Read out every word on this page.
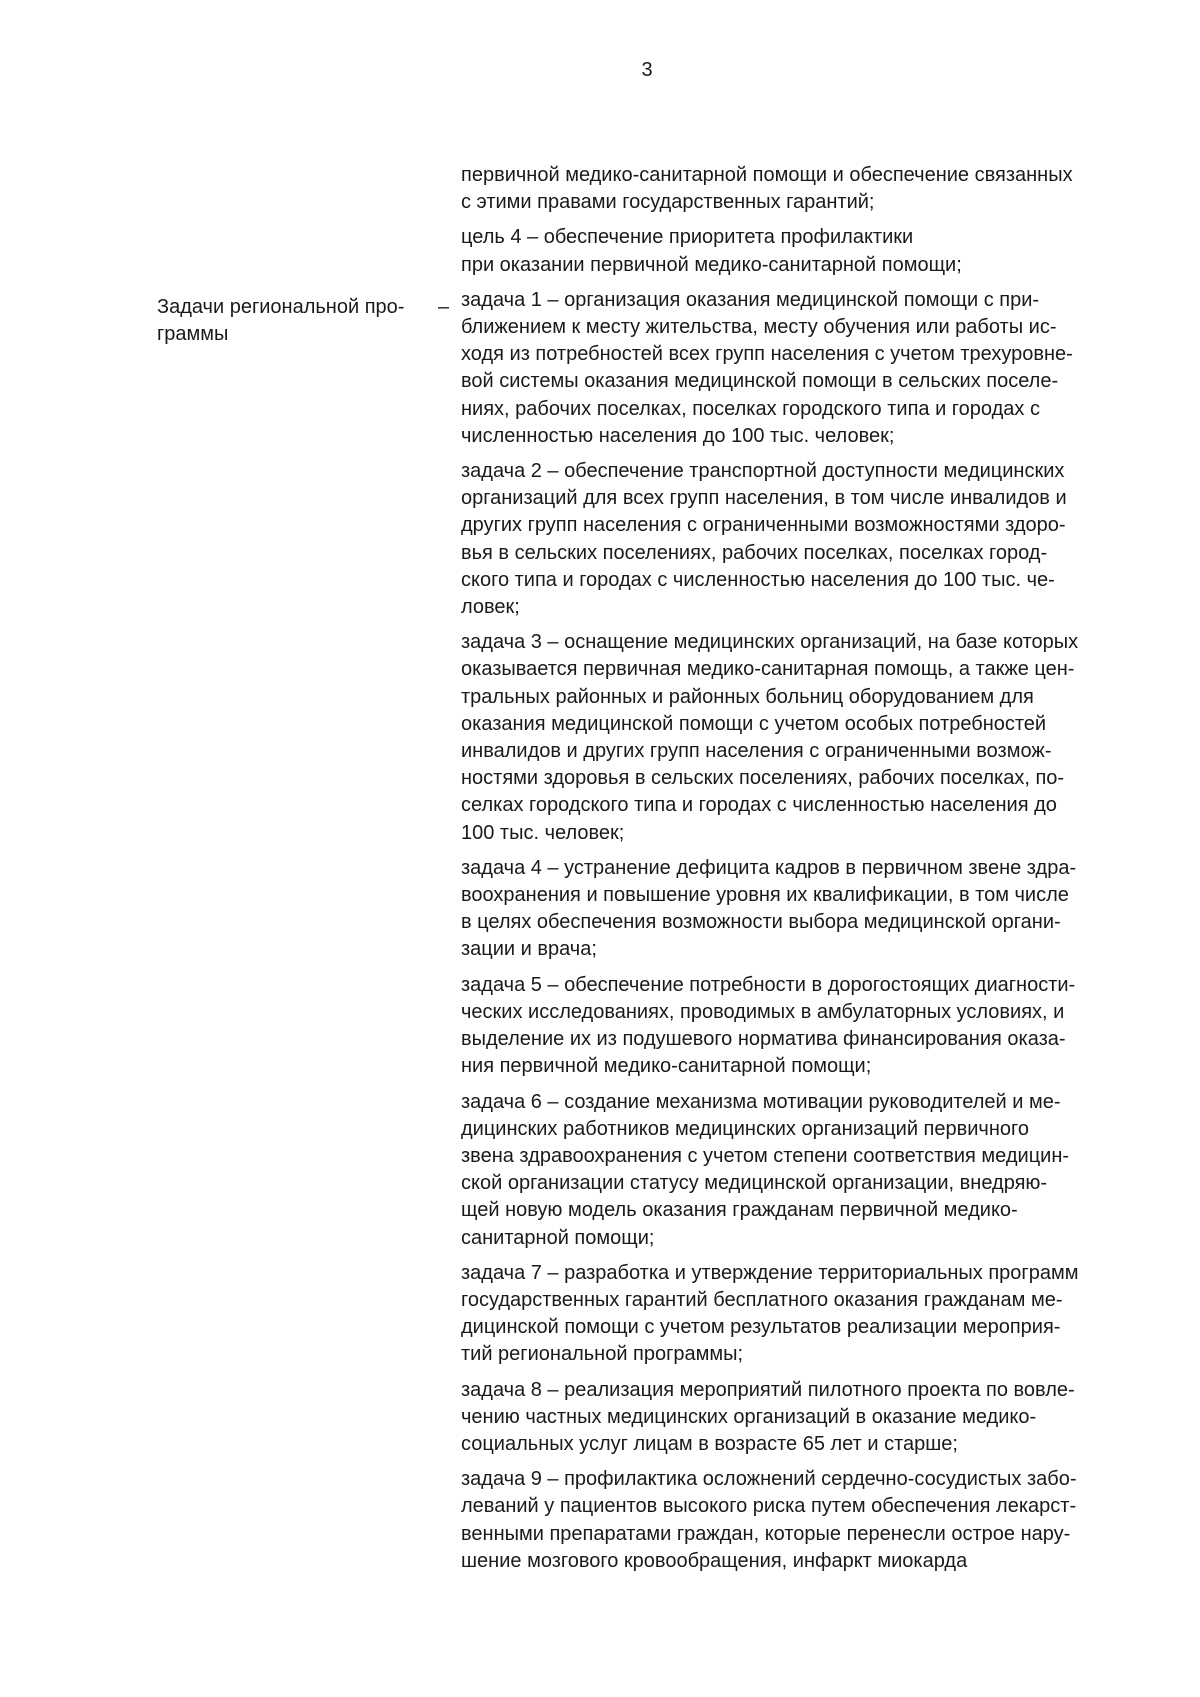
3
Задачи региональной про-
граммы
–
первичной медико-санитарной помощи и обеспечение связанных
с этими правами государственных гарантий;
цель 4 – обеспечение приоритета профилактики
при оказании первичной медико-санитарной помощи;
задача 1 – организация оказания медицинской помощи с при-
ближением к месту жительства, месту обучения или работы ис-
ходя из потребностей всех групп населения с учетом трехуровне-
вой системы оказания медицинской помощи в сельских поселе-
ниях, рабочих поселках, поселках городского типа и городах с
численностью населения до 100 тыс. человек;
задача 2 – обеспечение транспортной доступности медицинских
организаций для всех групп населения, в том числе инвалидов и
других групп населения с ограниченными возможностями здоро-
вья в сельских поселениях, рабочих поселках, поселках город-
ского типа и городах с численностью населения до 100 тыс. че-
ловек;
задача 3 – оснащение медицинских организаций, на базе которых
оказывается первичная медико-санитарная помощь, а также цен-
тральных районных и районных больниц оборудованием для
оказания медицинской помощи с учетом особых потребностей
инвалидов и других групп населения с ограниченными возмож-
ностями здоровья в сельских поселениях, рабочих поселках, по-
селках городского типа и городах с численностью населения до
100 тыс. человек;
задача 4 – устранение дефицита кадров в первичном звене здра-
воохранения и повышение уровня их квалификации, в том числе
в целях обеспечения возможности выбора медицинской органи-
зации и врача;
задача 5 – обеспечение потребности в дорогостоящих диагности-
ческих исследованиях, проводимых в амбулаторных условиях, и
выделение их из подушевого норматива финансирования оказа-
ния первичной медико-санитарной помощи;
задача 6 – создание механизма мотивации руководителей и ме-
дицинских работников медицинских организаций первичного
звена здравоохранения с учетом степени соответствия медицин-
ской организации статусу медицинской организации, внедряю-
щей новую модель оказания гражданам первичной медико-
санитарной помощи;
задача 7 – разработка и утверждение территориальных программ
государственных гарантий бесплатного оказания гражданам ме-
дицинской помощи с учетом результатов реализации мероприя-
тий региональной программы;
задача 8 – реализация мероприятий пилотного проекта по вовле-
чению частных медицинских организаций в оказание медико-
социальных услуг лицам в возрасте 65 лет и старше;
задача 9 – профилактика осложнений сердечно-сосудистых забо-
леваний у пациентов высокого риска путем обеспечения лекарст-
венными препаратами граждан, которые перенесли острое нару-
шение мозгового кровообращения, инфаркт миокарда
